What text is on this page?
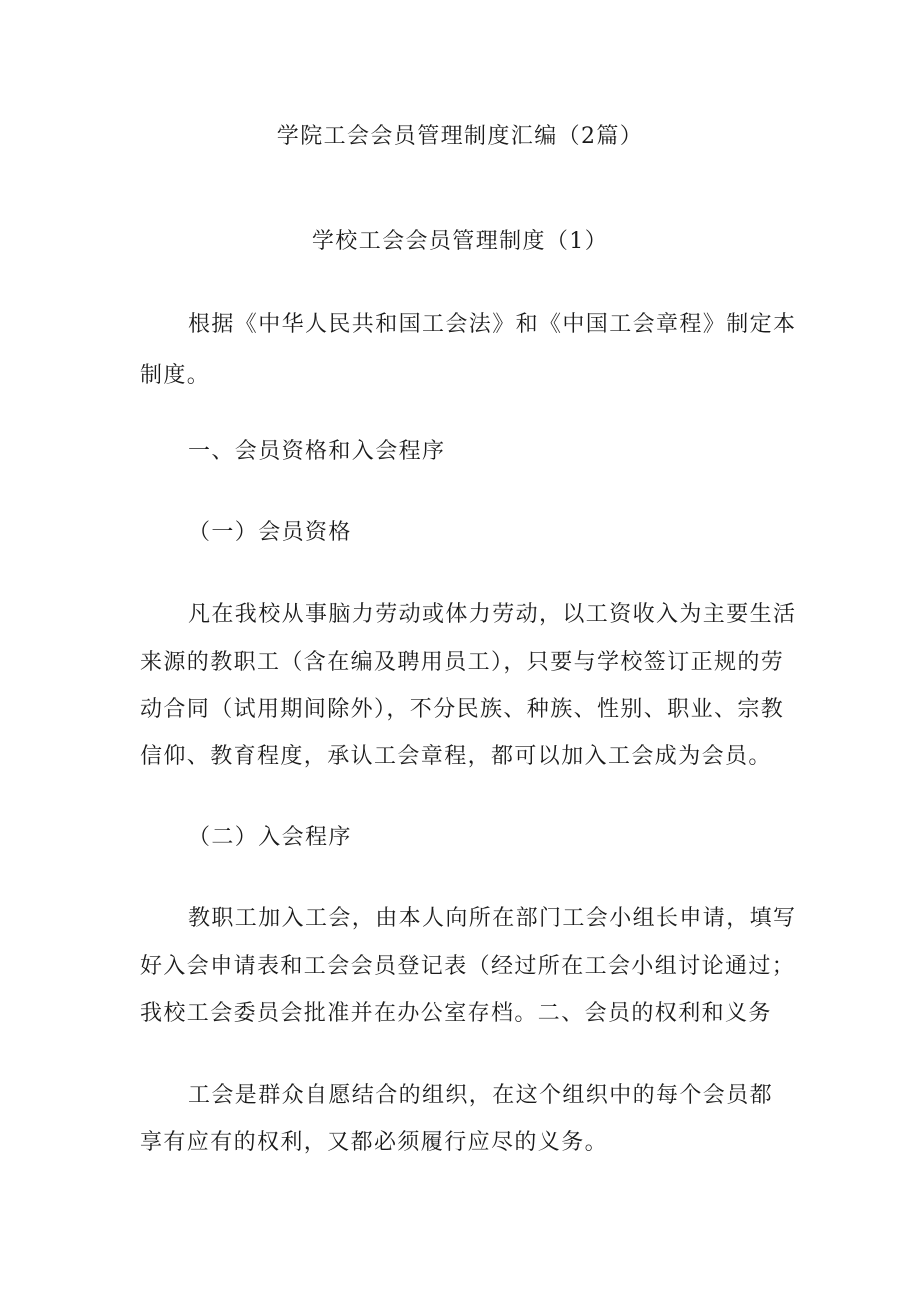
学院工会会员管理制度汇编（2篇）
学校工会会员管理制度（1）
根据《中华人民共和国工会法》和《中国工会章程》制定本
制度。
一、会员资格和入会程序
（一）会员资格
凡在我校从事脑力劳动或体力劳动，以工资收入为主要生活
来源的教职工（含在编及聘用员工），只要与学校签订正规的劳
动合同（试用期间除外），不分民族、种族、性别、职业、宗教
信仰、教育程度，承认工会章程，都可以加入工会成为会员。
（二）入会程序
教职工加入工会，由本人向所在部门工会小组长申请，填写
好入会申请表和工会会员登记表（经过所在工会小组讨论通过；
我校工会委员会批准并在办公室存档。二、会员的权利和义务
工会是群众自愿结合的组织，在这个组织中的每个会员都
享有应有的权利，又都必须履行应尽的义务。
